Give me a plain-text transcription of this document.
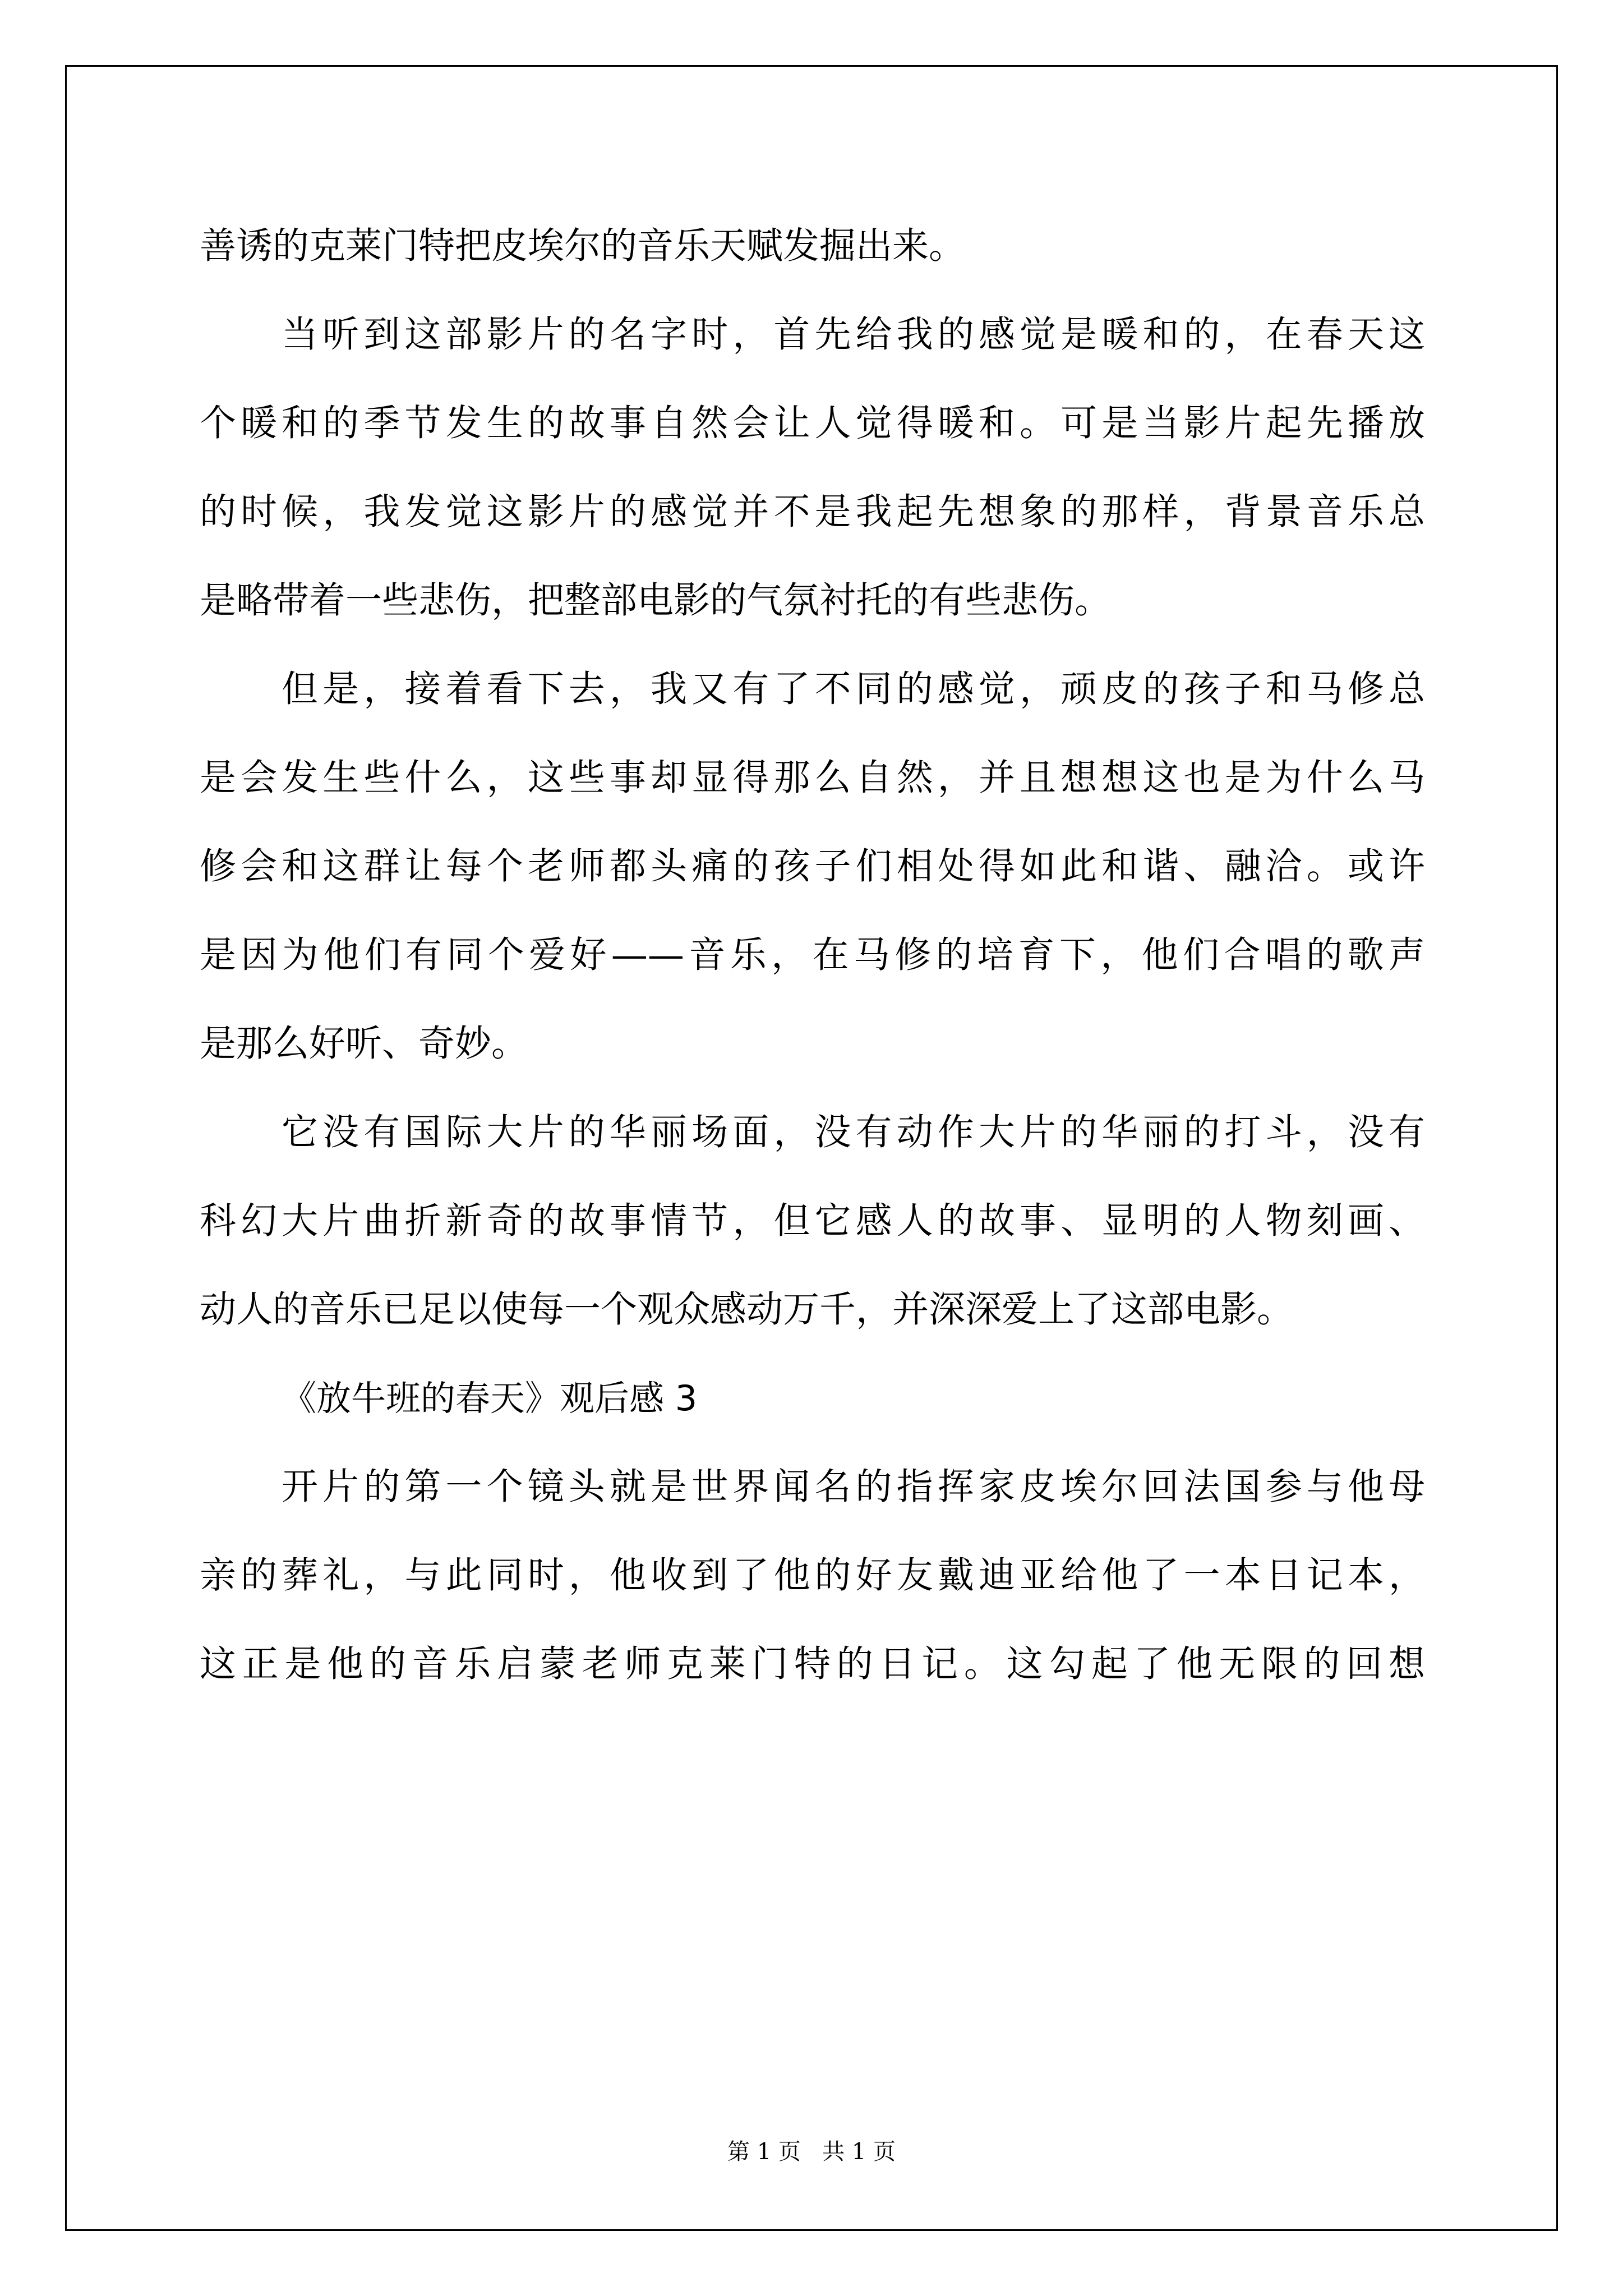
善诱的克莱门特把皮埃尔的音乐天赋发掘出来。
当听到这部影片的名字时，首先给我的感觉是暖和的，在春天这
个暖和的季节发生的故事自然会让人觉得暖和。可是当影片起先播放
的时候，我发觉这影片的感觉并不是我起先想象的那样，背景音乐总
是略带着一些悲伤，把整部电影的气氛衬托的有些悲伤。
但是，接着看下去，我又有了不同的感觉，顽皮的孩子和马修总
是会发生些什么，这些事却显得那么自然，并且想想这也是为什么马
修会和这群让每个老师都头痛的孩子们相处得如此和谐、融洽。或许
是因为他们有同个爱好——音乐，在马修的培育下，他们合唱的歌声
是那么好听、奇妙。
它没有国际大片的华丽场面，没有动作大片的华丽的打斗，没有
科幻大片曲折新奇的故事情节，但它感人的故事、显明的人物刻画、
动人的音乐已足以使每一个观众感动万千，并深深爱上了这部电影。
《放牛班的春天》观后感 3
开片的第一个镜头就是世界闻名的指挥家皮埃尔回法国参与他母
亲的葬礼，与此同时，他收到了他的好友戴迪亚给他了一本日记本，
这正是他的音乐启蒙老师克莱门特的日记。这勾起了他无限的回想
第 1 页   共 1 页
